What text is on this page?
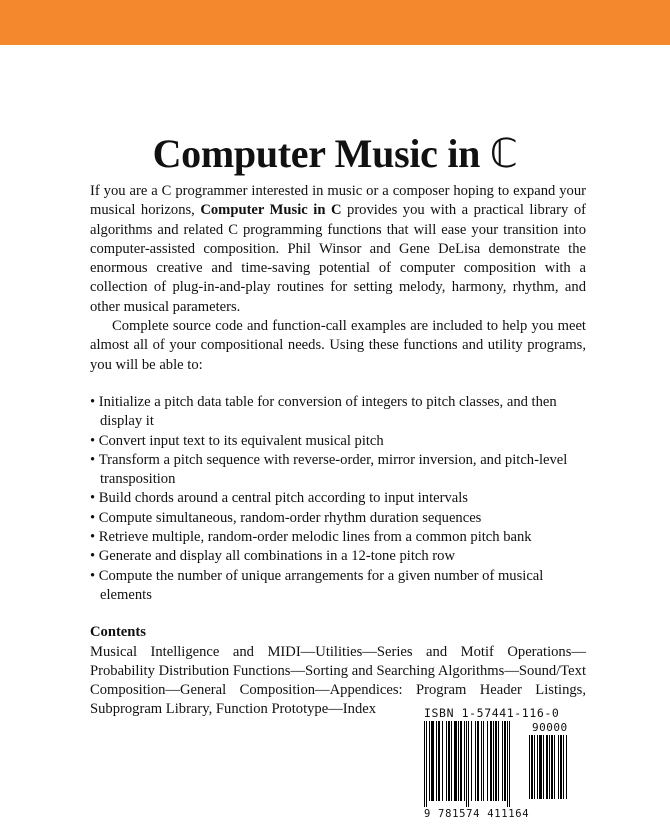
Computer Music in ℂ

If you are a C programmer interested in music or a composer hoping to expand your musical horizons, Computer Music in C provides you with a practical library of algorithms and related C programming functions that will ease your transition into computer-assisted composition. Phil Winsor and Gene DeLisa demonstrate the enormous creative and time-saving potential of computer composition with a collection of plug-in-and-play routines for setting melody, harmony, rhythm, and other musical parameters.

Complete source code and function-call examples are included to help you meet almost all of your compositional needs. Using these functions and utility programs, you will be able to:

• Initialize a pitch data table for conversion of integers to pitch classes, and then display it
• Convert input text to its equivalent musical pitch
• Transform a pitch sequence with reverse-order, mirror inversion, and pitch-level transposition
• Build chords around a central pitch according to input intervals
• Compute simultaneous, random-order rhythm duration sequences
• Retrieve multiple, random-order melodic lines from a common pitch bank
• Generate and display all combinations in a 12-tone pitch row
• Compute the number of unique arrangements for a given number of musical elements
Contents
Musical Intelligence and MIDI—Utilities—Series and Motif Operations—Probability Distribution Functions—Sorting and Searching Algorithms—Sound/Text Composition—General Composition—Appendices: Program Header Listings, Subprogram Library, Function Prototype—Index	ISBN 1-57441-116-0
90000
9 781574 411164
